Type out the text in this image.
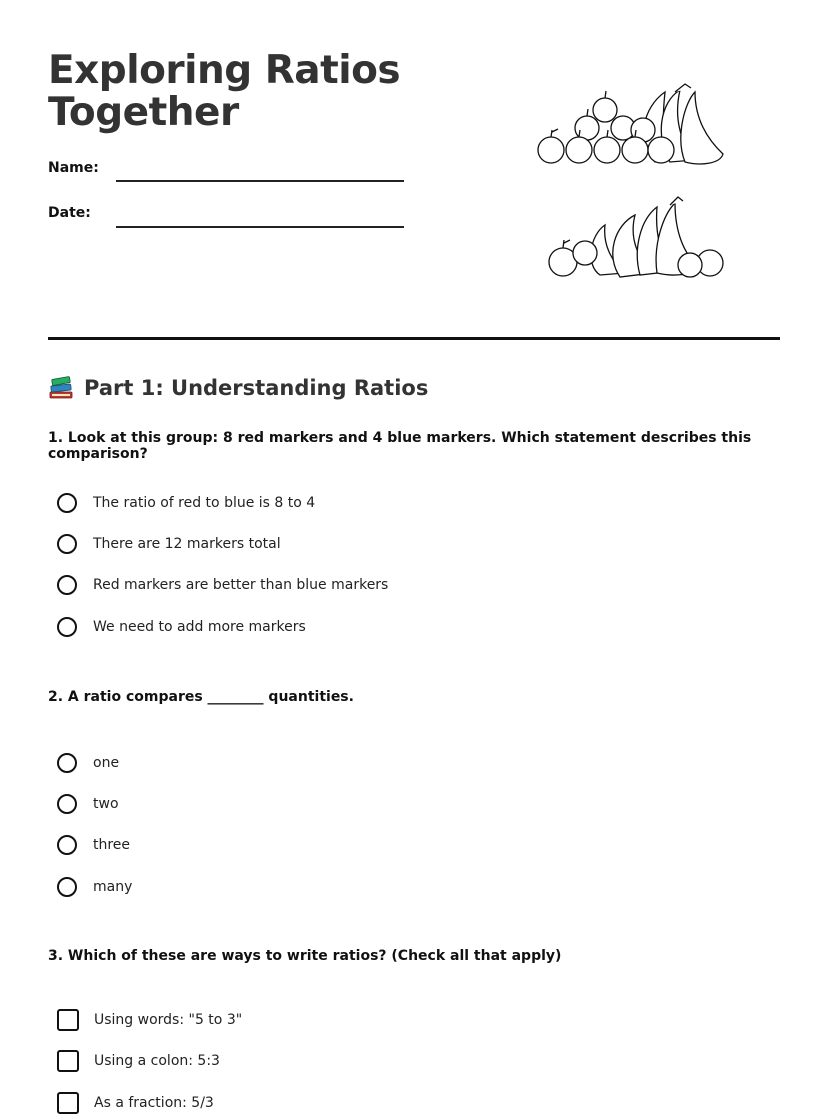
Exploring Ratios
Together
Name:
Date:
Part 1: Understanding Ratios

1. Look at this group: 8 red markers and 4 blue markers. Which statement describes this comparison?

The ratio of red to blue is 8 to 4
There are 12 markers total
Red markers are better than blue markers
We need to add more markers

2. A ratio compares ________ quantities.

one
two
three
many

3. Which of these are ways to write ratios? (Check all that apply)

Using words: "5 to 3"
Using a colon: 5:3
As a fraction: 5/3
